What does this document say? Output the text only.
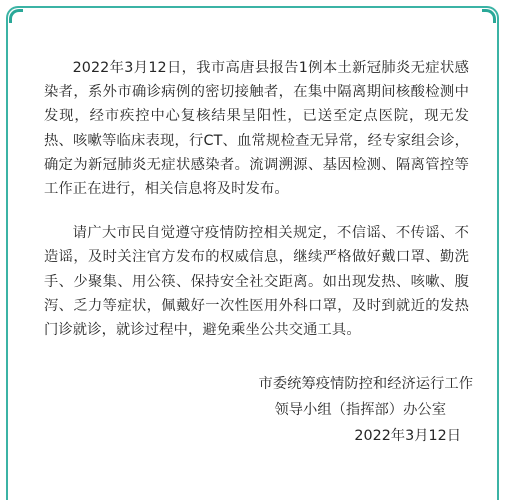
2022年3月12日，我市高唐县报告1例本土新冠肺炎无症状感染者，系外市确诊病例的密切接触者，在集中隔离期间核酸检测中发现，经市疾控中心复核结果呈阳性，已送至定点医院，现无发热、咳嗽等临床表现，行CT、血常规检查无异常，经专家组会诊，确定为新冠肺炎无症状感染者。流调溯源、基因检测、隔离管控等工作正在进行，相关信息将及时发布。

请广大市民自觉遵守疫情防控相关规定，不信谣、不传谣、不造谣，及时关注官方发布的权威信息，继续严格做好戴口罩、勤洗手、少聚集、用公筷、保持安全社交距离。如出现发热、咳嗽、腹泻、乏力等症状，佩戴好一次性医用外科口罩，及时到就近的发热门诊就诊，就诊过程中，避免乘坐公共交通工具。

市委统筹疫情防控和经济运行工作
领导小组（指挥部）办公室
2022年3月12日
